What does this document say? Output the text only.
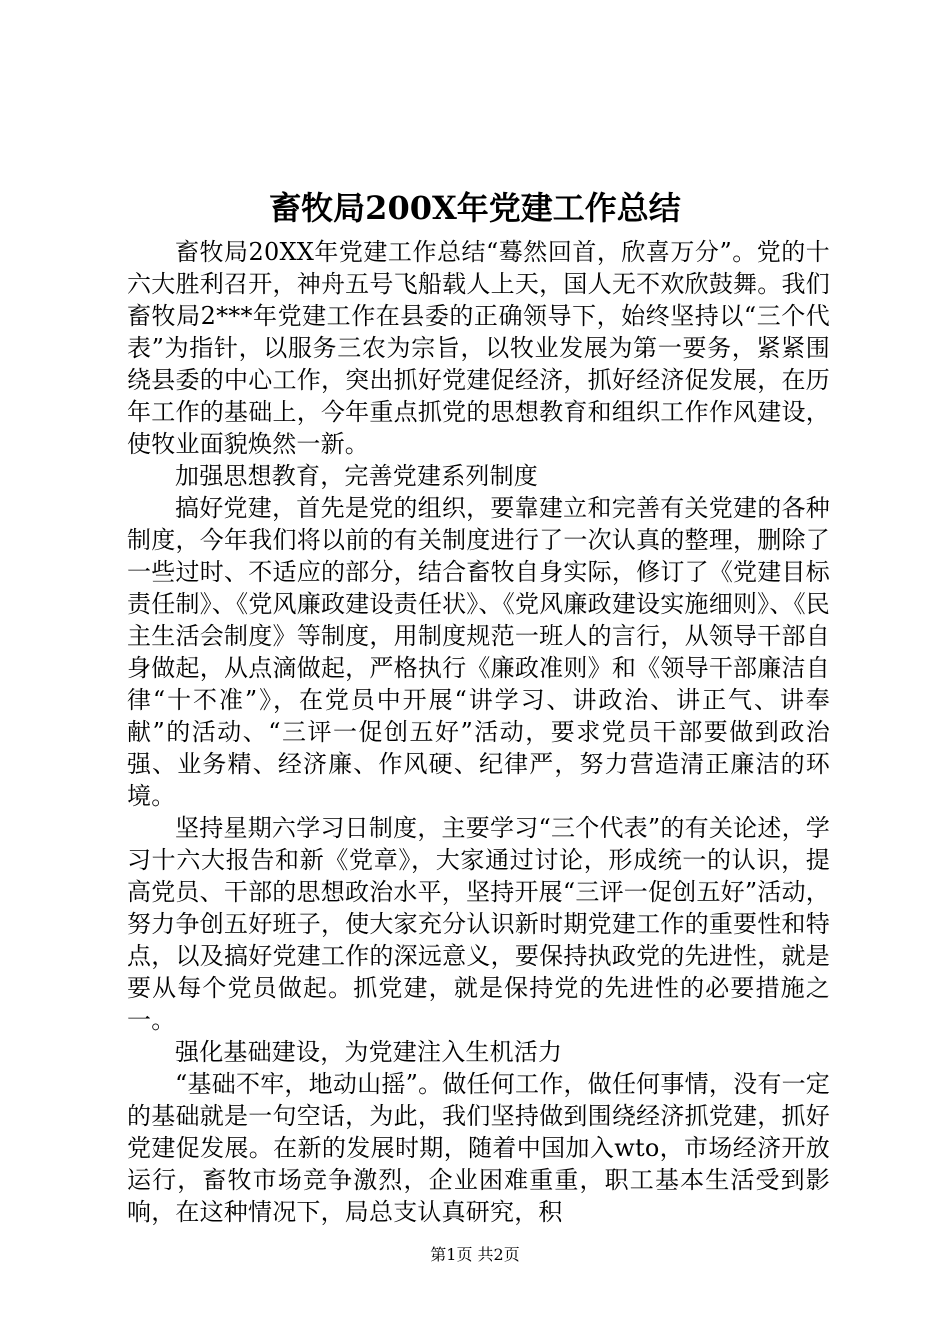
畜牧局200X年党建工作总结

畜牧局20XX年党建工作总结“蓦然回首，欣喜万分”。党的十六大胜利召开，神舟五号飞船载人上天，国人无不欢欣鼓舞。我们畜牧局2***年党建工作在县委的正确领导下，始终坚持以“三个代表”为指针，以服务三农为宗旨，以牧业发展为第一要务，紧紧围绕县委的中心工作，突出抓好党建促经济，抓好经济促发展，在历年工作的基础上，今年重点抓党的思想教育和组织工作作风建设，使牧业面貌焕然一新。

加强思想教育，完善党建系列制度

搞好党建，首先是党的组织，要靠建立和完善有关党建的各种制度，今年我们将以前的有关制度进行了一次认真的整理，删除了一些过时、不适应的部分，结合畜牧自身实际，修订了《党建目标责任制》、《党风廉政建设责任状》、《党风廉政建设实施细则》、《民主生活会制度》等制度，用制度规范一班人的言行，从领导干部自身做起，从点滴做起，严格执行《廉政准则》和《领导干部廉洁自律“十不准”》，在党员中开展“讲学习、讲政治、讲正气、讲奉献”的活动、“三评一促创五好”活动，要求党员干部要做到政治强、业务精、经济廉、作风硬、纪律严，努力营造清正廉洁的环境。

坚持星期六学习日制度，主要学习“三个代表”的有关论述，学习十六大报告和新《党章》，大家通过讨论，形成统一的认识，提高党员、干部的思想政治水平，坚持开展“三评一促创五好”活动，努力争创五好班子，使大家充分认识新时期党建工作的重要性和特点，以及搞好党建工作的深远意义，要保持执政党的先进性，就是要从每个党员做起。抓党建，就是保持党的先进性的必要措施之一。

强化基础建设，为党建注入生机活力

“基础不牢，地动山摇”。做任何工作，做任何事情，没有一定的基础就是一句空话，为此，我们坚持做到围绕经济抓党建，抓好党建促发展。在新的发展时期，随着中国加入wto，市场经济开放运行，畜牧市场竞争激烈，企业困难重重，职工基本生活受到影响，在这种情况下，局总支认真研究，积

第1页 共2页
